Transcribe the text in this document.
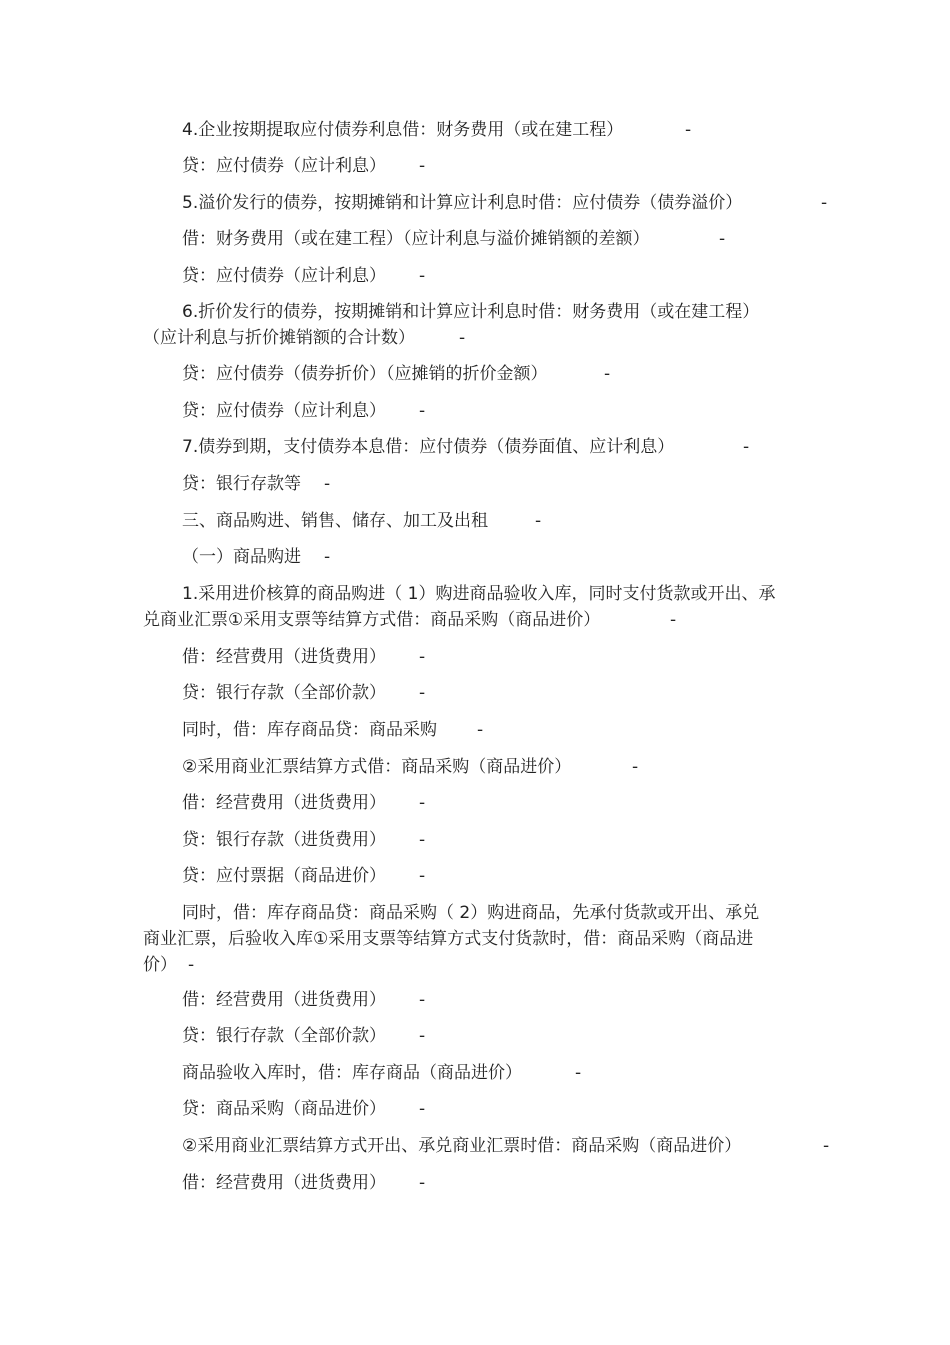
4.企业按期提取应付债券利息借：财务费用（或在建工程）	-
贷：应付债券（应计利息） -
5.溢价发行的债券，按期摊销和计算应计利息时借：应付债券（债券溢价）	-
借：财务费用（或在建工程）（应计利息与溢价摊销额的差额）	-
贷：应付债券（应计利息） -
6.折价发行的债券，按期摊销和计算应计利息时借：财务费用（或在建工程）
（应计利息与折价摊销额的合计数）	-
贷：应付债券（债券折价）（应摊销的折价金额）	-
贷：应付债券（应计利息） -
7.债券到期，支付债券本息借：应付债券（债券面值、应计利息）	-
贷：银行存款等 -
三、商品购进、销售、储存、加工及出租	-
（一）商品购进 -
1.采用进价核算的商品购进（ 1）购进商品验收入库，同时支付货款或开出、承
兑商业汇票①采用支票等结算方式借：商品采购（商品进价）	-
借：经营费用（进货费用） -
贷：银行存款（全部价款） -
同时，借：库存商品贷：商品采购 -
②采用商业汇票结算方式借：商品采购（商品进价）	-
借：经营费用（进货费用） -
贷：银行存款（进货费用） -
贷：应付票据（商品进价） -
同时，借：库存商品贷：商品采购（ 2）购进商品，先承付货款或开出、承兑
商业汇票，后验收入库①采用支票等结算方式支付货款时，借：商品采购（商品进
价） -
借：经营费用（进货费用） -
贷：银行存款（全部价款） -
商品验收入库时，借：库存商品（商品进价）	-
贷：商品采购（商品进价） -
②采用商业汇票结算方式开出、承兑商业汇票时借：商品采购（商品进价）	-
借：经营费用（进货费用） -
